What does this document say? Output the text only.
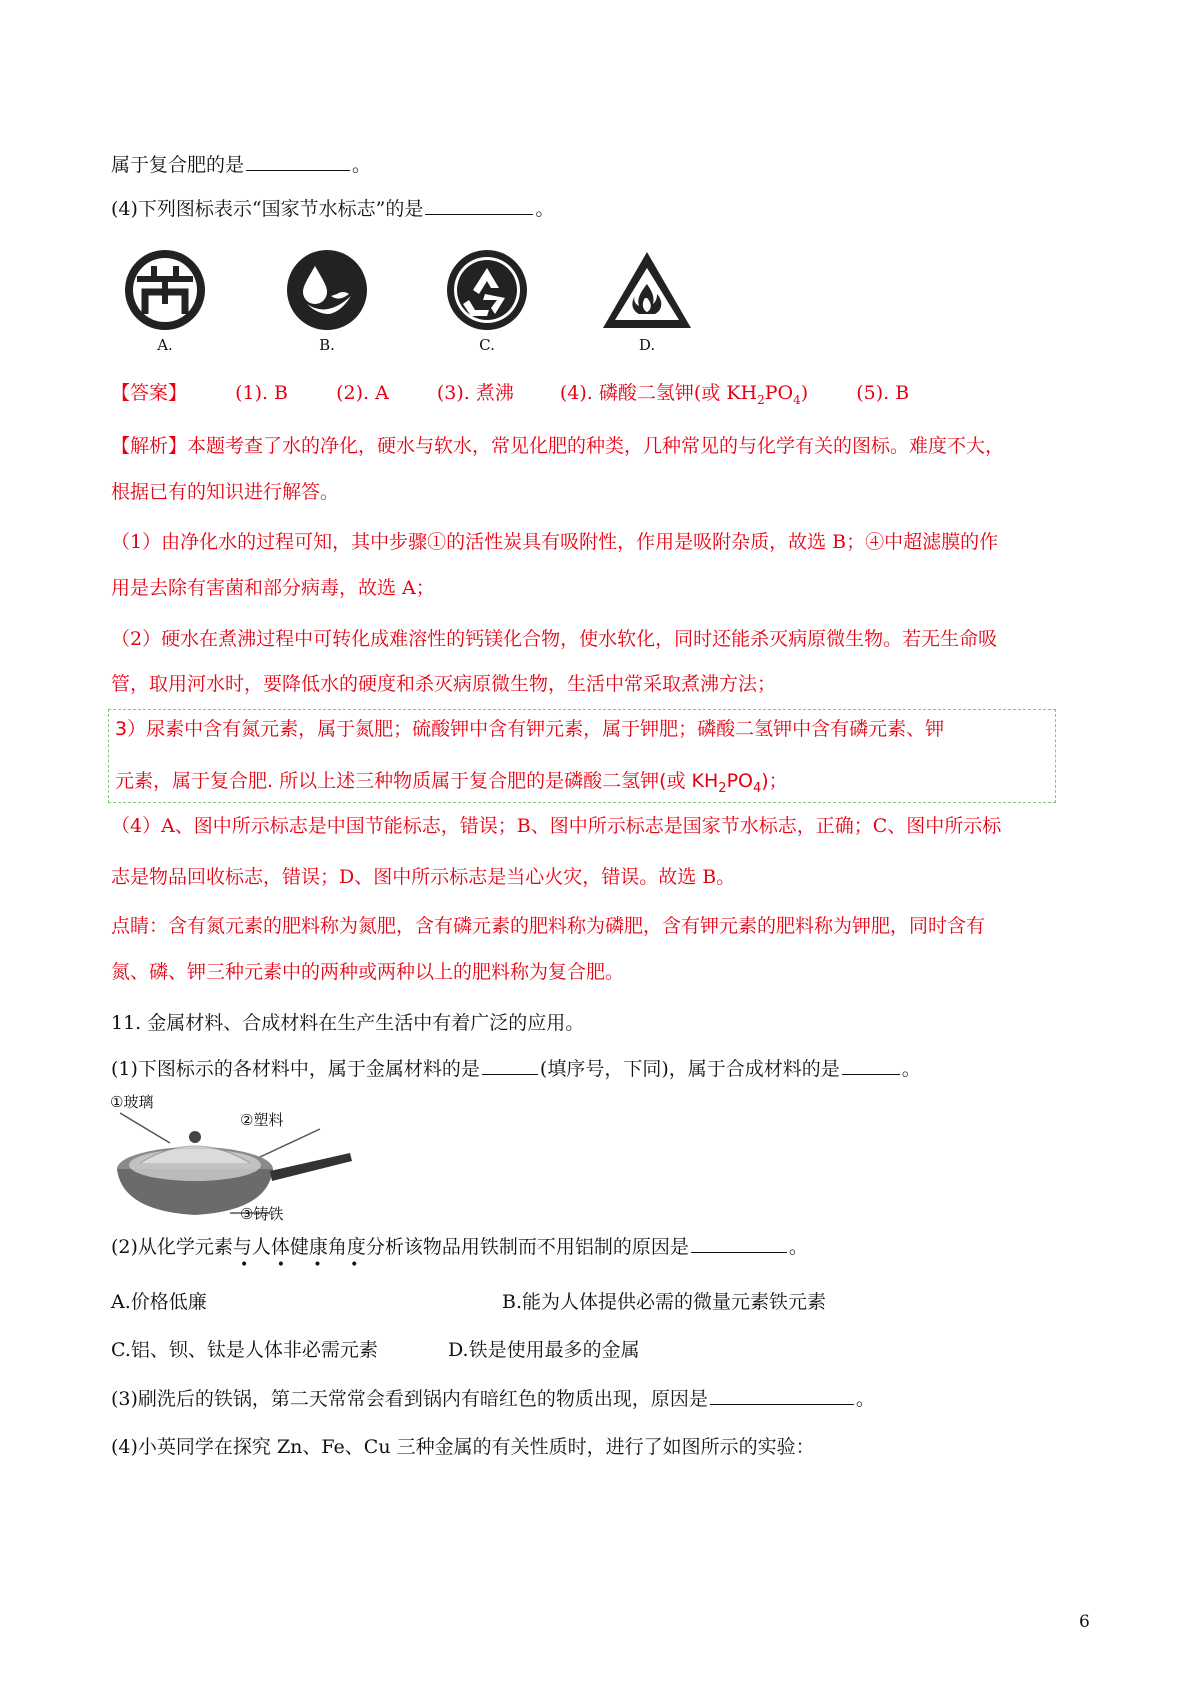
属于复合肥的是	。

(4)下列图标表示“国家节水标志”的是	。

A.	B.	C.	D.

【答案】	(1). B	(2). A	(3). 煮沸 (4). 磷酸二氢钾(或 $KH_2PO_4$)	(5). B

【解析】本题考查了水的净化，硬水与软水，常见化肥的种类，几种常见的与化学有关的图标。难度不大，

根据已有的知识进行解答。

（1）由净化水的过程可知，其中步骤①的活性炭具有吸附性，作用是吸附杂质，故选 B；④中超滤膜的作

用是去除有害菌和部分病毒，故选 A；

（2）硬水在煮沸过程中可转化成难溶性的钙镁化合物，使水软化，同时还能杀灭病原微生物。若无生命吸

管，取用河水时，要降低水的硬度和杀灭病原微生物，生活中常采取煮沸方法；

3）尿素中含有氮元素，属于氮肥；硫酸钾中含有钾元素，属于钾肥；磷酸二氢钾中含有磷元素、钾
元素，属于复合肥. 所以上述三种物质属于复合肥的是磷酸二氢钾(或 $KH_2PO_4$)；

（4）A、图中所示标志是中国节能标志，错误；B、图中所示标志是国家节水标志，正确；C、图中所示标

志是物品回收标志，错误；D、图中所示标志是当心火灾，错误。故选 B。

点睛：含有氮元素的肥料称为氮肥，含有磷元素的肥料称为磷肥，含有钾元素的肥料称为钾肥，同时含有

氮、磷、钾三种元素中的两种或两种以上的肥料称为复合肥。

11. 金属材料、合成材料在生产生活中有着广泛的应用。

(1)下图标示的各材料中，属于金属材料的是	(填序号，下同)，属于合成材料的是	。

①玻璃
②塑料
③铸铁

(2)从化学元素与人体健康角度分析该物品用铁制而不用铝制的原因是	。

• • • •

A.价格低廉	B.能为人体提供必需的微量元素铁元素

C.铝、钡、钛是人体非必需元素	D.铁是使用最多的金属

(3)刷洗后的铁锅，第二天常常会看到锅内有暗红色的物质出现，原因是	。

(4)小英同学在探究 Zn、Fe、Cu 三种金属的有关性质时，进行了如图所示的实验：

6
